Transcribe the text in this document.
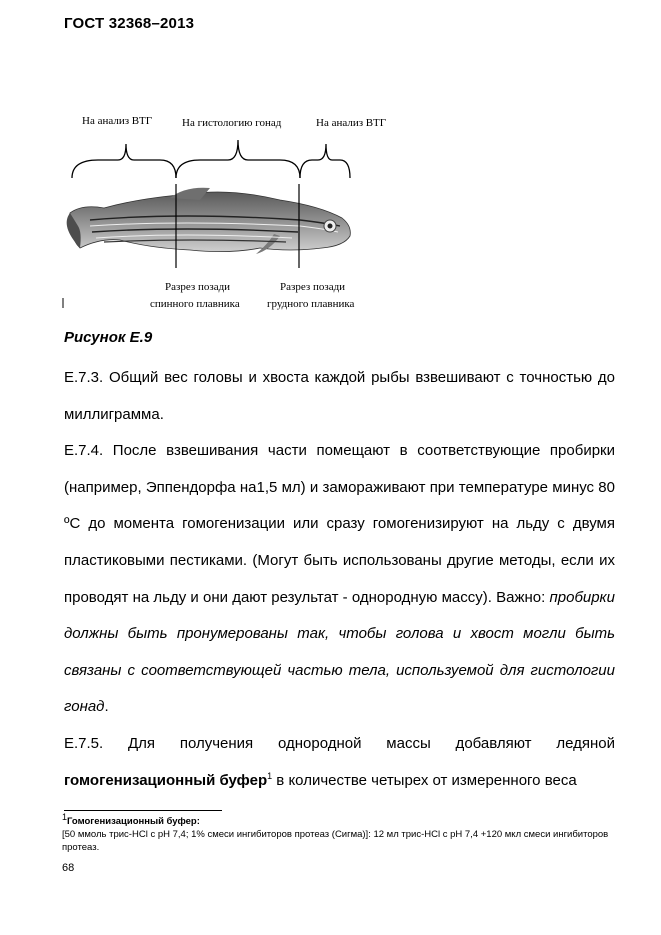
ГОСТ 32368–2013
На анализ ВТГ	На гистологию гонад	На анализ ВТГ
Разрез позади
спинного плавника
Разрез позади
грудного плавника
Рисунок Е.9

Е.7.3. Общий вес головы и хвоста каждой рыбы взвешивают с точностью до миллиграмма.

Е.7.4. После взвешивания части помещают в соответствующие пробирки (например, Эппендорфа на1,5 мл) и замораживают при температуре минус 80 ºС до момента гомогенизации или сразу гомогенизируют на льду с двумя пластиковыми пестиками. (Могут быть использованы другие методы, если их проводят на льду и они дают результат - однородную массу). Важно: пробирки должны быть пронумерованы так, чтобы голова и хвост могли быть связаны с соответствующей частью тела, используемой для гистологии гонад.

Е.7.5. Для получения однородной массы добавляют ледяной гомогенизационный буфер$^1$ в количестве четырех от измеренного веса

$^1$Гомогенизационный буфер:
[50 ммоль трис-HCl с pH 7,4; 1% смеси ингибиторов протеаз (Сигма)]: 12 мл трис-HCl с pH 7,4 +120 мкл смеси ингибиторов протеаз.
68
